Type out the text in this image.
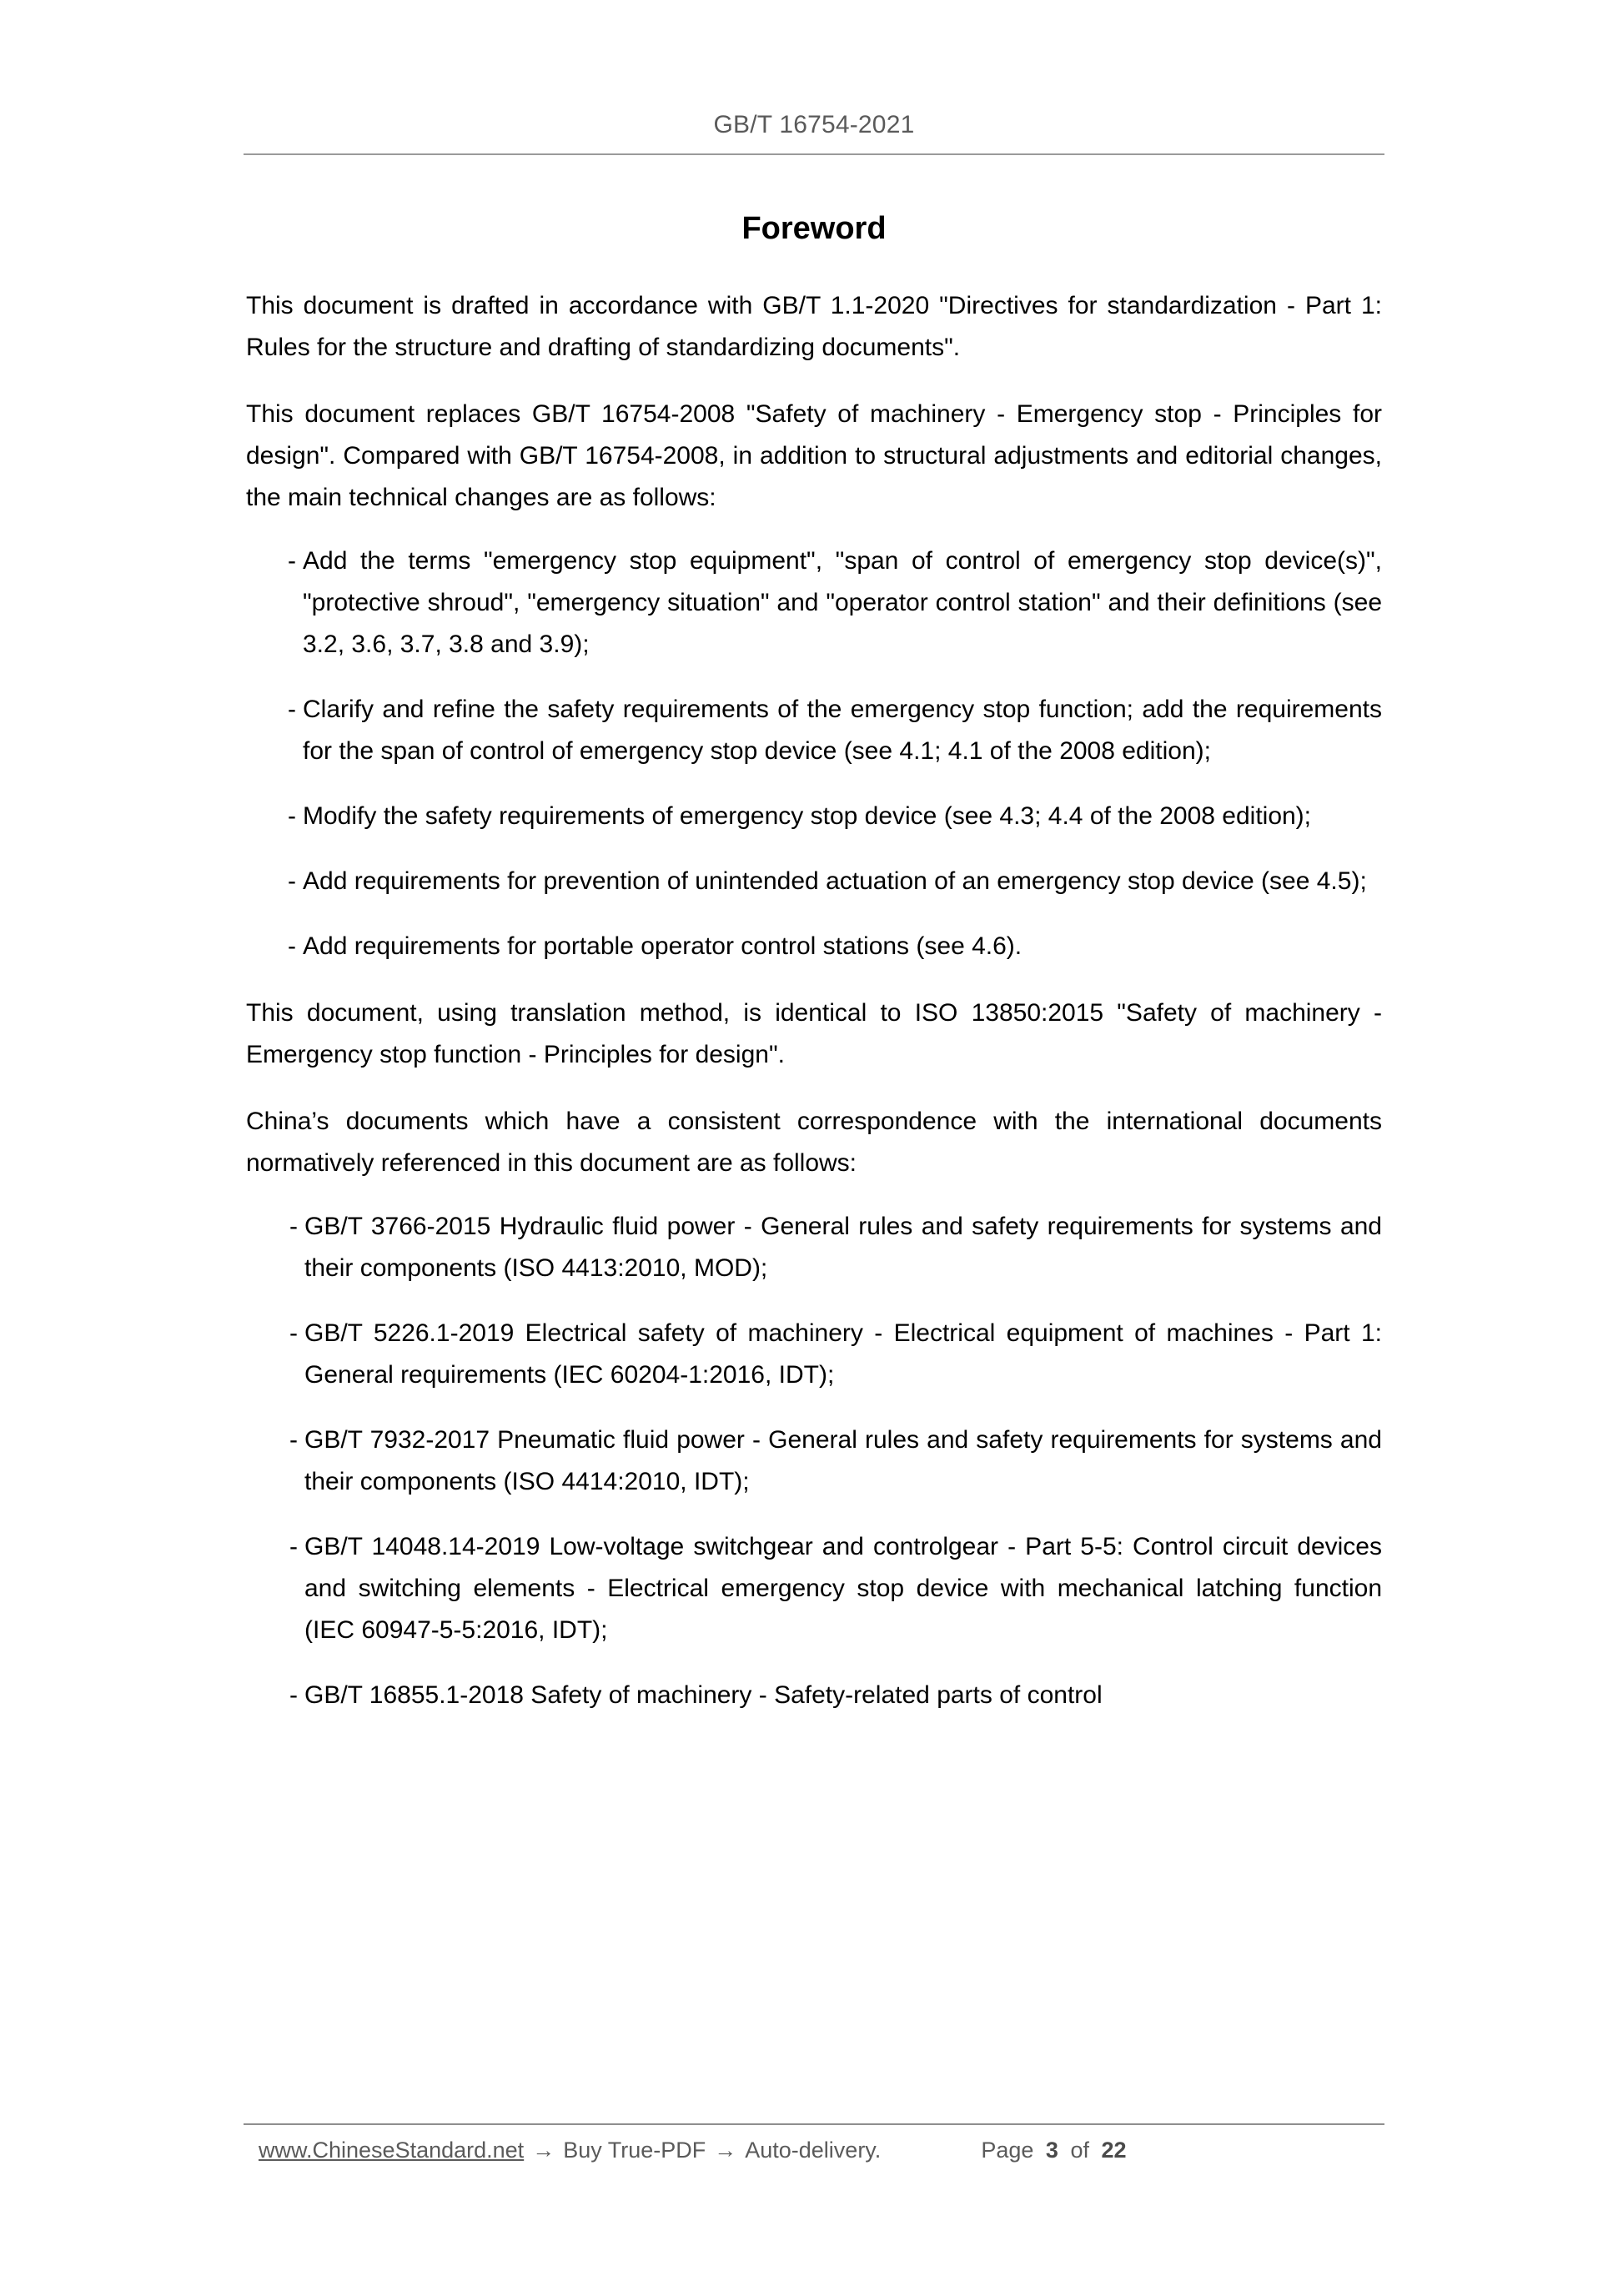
GB/T 16754-2021
Foreword

This document is drafted in accordance with GB/T 1.1-2020 "Directives for standardization - Part 1: Rules for the structure and drafting of standardizing documents".

This document replaces GB/T 16754-2008 "Safety of machinery - Emergency stop - Principles for design". Compared with GB/T 16754-2008, in addition to structural adjustments and editorial changes, the main technical changes are as follows:

- Add the terms "emergency stop equipment", "span of control of emergency stop device(s)", "protective shroud", "emergency situation" and "operator control station" and their definitions (see 3.2, 3.6, 3.7, 3.8 and 3.9);
- Clarify and refine the safety requirements of the emergency stop function; add the requirements for the span of control of emergency stop device (see 4.1; 4.1 of the 2008 edition);
- Modify the safety requirements of emergency stop device (see 4.3; 4.4 of the 2008 edition);
- Add requirements for prevention of unintended actuation of an emergency stop device (see 4.5);
- Add requirements for portable operator control stations (see 4.6).

This document, using translation method, is identical to ISO 13850:2015 "Safety of machinery - Emergency stop function - Principles for design".

China’s documents which have a consistent correspondence with the international documents normatively referenced in this document are as follows:

- GB/T 3766-2015 Hydraulic fluid power - General rules and safety requirements for systems and their components (ISO 4413:2010, MOD);
- GB/T 5226.1-2019 Electrical safety of machinery - Electrical equipment of machines - Part 1: General requirements (IEC 60204-1:2016, IDT);
- GB/T 7932-2017 Pneumatic fluid power - General rules and safety requirements for systems and their components (ISO 4414:2010, IDT);
- GB/T 14048.14-2019 Low-voltage switchgear and controlgear - Part 5-5: Control circuit devices and switching elements - Electrical emergency stop device with mechanical latching function (IEC 60947-5-5:2016, IDT);
- GB/T 16855.1-2018 Safety of machinery - Safety-related parts of control
www.ChineseStandard.net → Buy True-PDF → Auto-delivery.	Page 3 of 22
